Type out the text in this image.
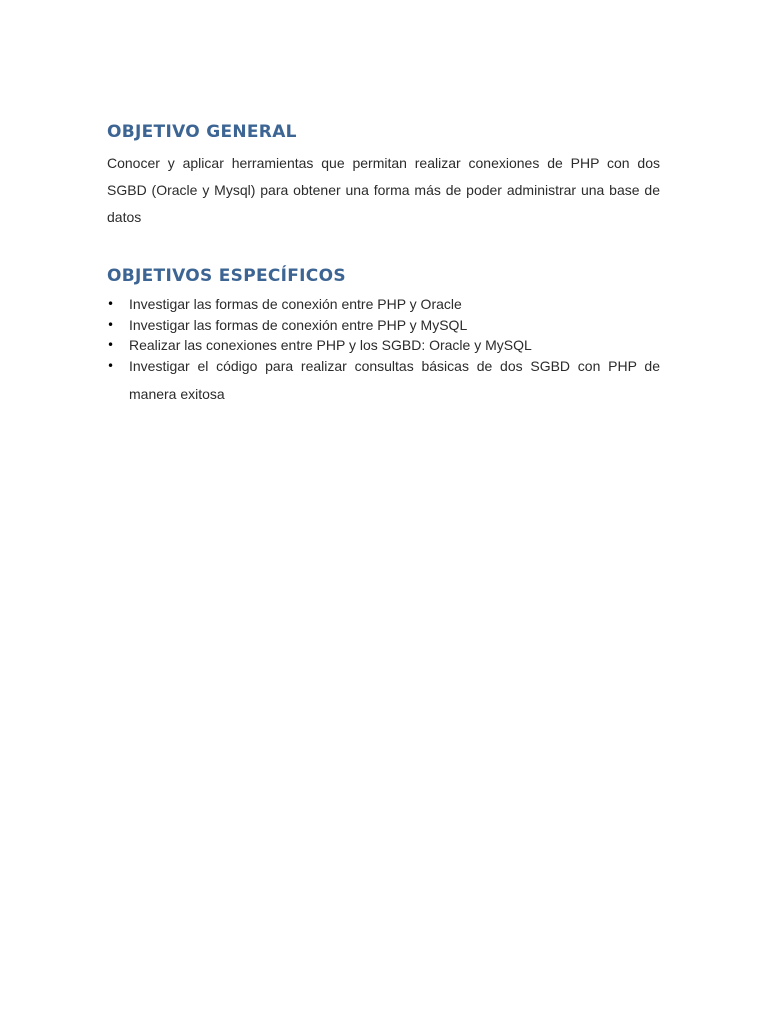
OBJETIVO GENERAL

Conocer y aplicar herramientas que permitan realizar conexiones de PHP con dos SGBD (Oracle y Mysql) para obtener una forma más de poder administrar una base de datos

OBJETIVOS ESPECÍFICOS
• Investigar las formas de conexión entre PHP y Oracle
• Investigar las formas de conexión entre PHP y MySQL
• Realizar las conexiones entre PHP y los SGBD: Oracle y MySQL
• Investigar el código para realizar consultas básicas de dos SGBD con PHP de manera exitosa
